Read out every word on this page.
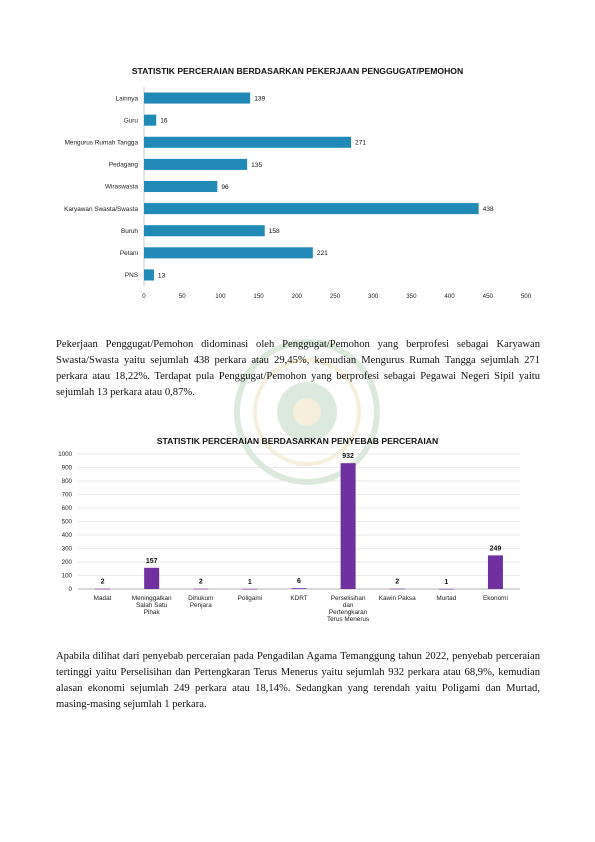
STATISTIK PERCERAIAN BERDASARKAN PEKERJAAN PENGGUGAT/PEMOHON
Lainnya	139
Guru	16
Mengurus Rumah Tangga	271
Pedagang	135
Wiraswasta	96
Karyawan Swasta/Swasta	438
Buruh	158
Petani	221
PNS	13
0	50	100	150	200	250	300	350	400	450	500
Pekerjaan Penggugat/Pemohon didominasi oleh Penggugat/Pemohon yang berprofesi sebagai Karyawan Swasta/Swasta yaitu sejumlah 438 perkara atau 29,45%, kemudian Mengurus Rumah Tangga sejumlah 271 perkara atau 18,22%. Terdapat pula Penggugat/Pemohon yang berprofesi sebagai Pegawai Negeri Sipil yaitu sejumlah 13 perkara atau 0,87%.
STATISTIK PERCERAIAN BERDASARKAN PENYEBAB PERCERAIAN
0
100
200
300
400
500
600
700
800
900
1000
2
Madat
157
Meninggalkan
Salah Satu
Pihak
2
Dihukum
Penjara
1
Poligami
6
KDRT
932
Perselisihan
dan
Pertengkaran
Terus Menerus
2
Kawin Paksa
1
Murtad
249
Ekonomi
Apabila dilihat dari penyebab perceraian pada Pengadilan Agama Temanggung tahun 2022, penyebab perceraian tertinggi yaitu Perselisihan dan Pertengkaran Terus Menerus yaitu sejumlah 932 perkara atau 68,9%, kemudian alasan ekonomi sejumlah 249 perkara atau 18,14%. Sedangkan yang terendah yaitu Poligami dan Murtad, masing-masing sejumlah 1 perkara.
